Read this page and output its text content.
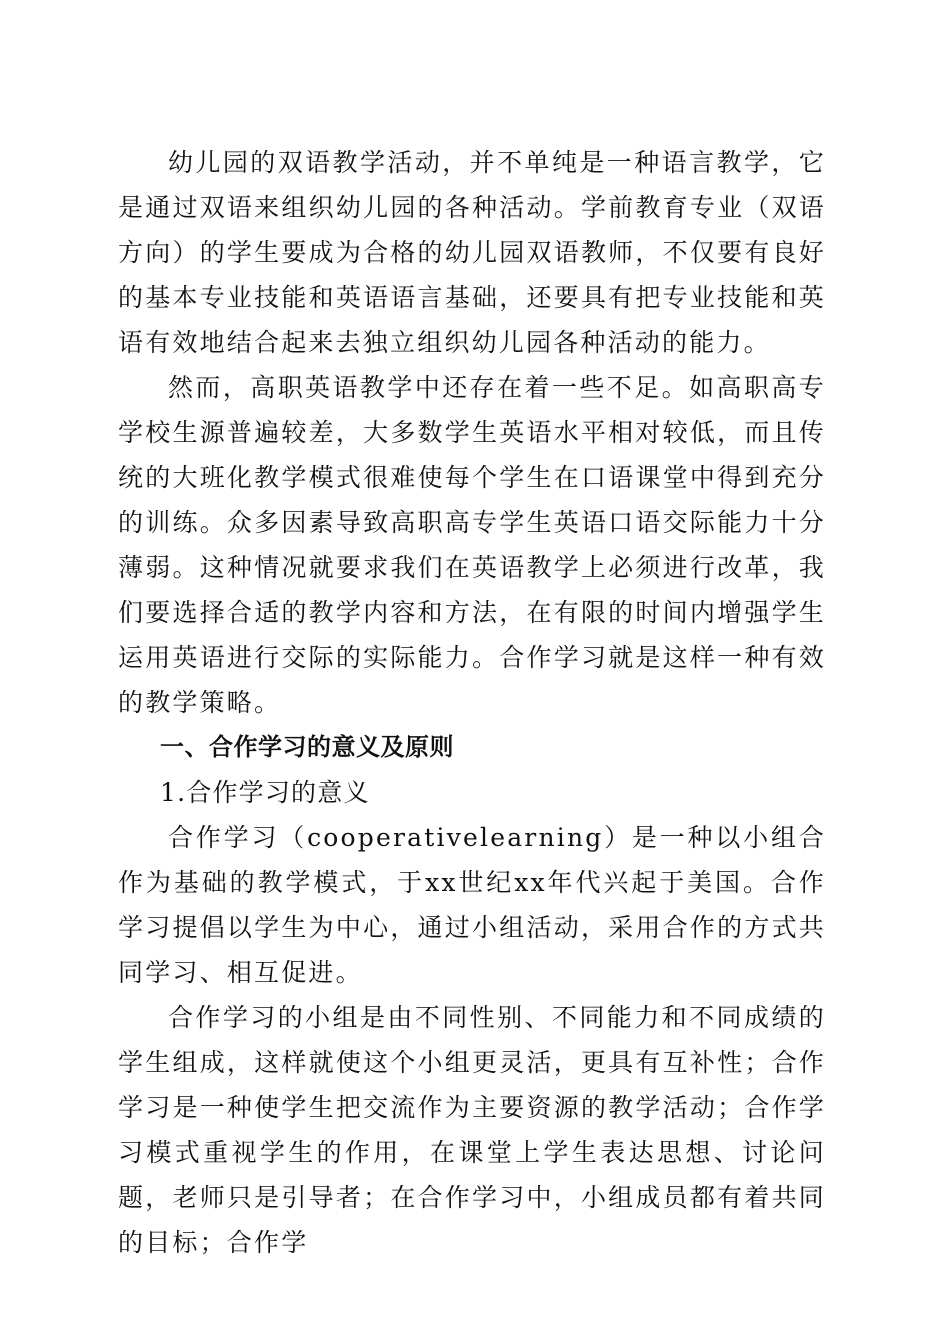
幼儿园的双语教学活动，并不单纯是一种语言教学，它是通过双语来组织幼儿园的各种活动。学前教育专业（双语方向）的学生要成为合格的幼儿园双语教师，不仅要有良好的基本专业技能和英语语言基础，还要具有把专业技能和英语有效地结合起来去独立组织幼儿园各种活动的能力。

然而，高职英语教学中还存在着一些不足。如高职高专学校生源普遍较差，大多数学生英语水平相对较低，而且传统的大班化教学模式很难使每个学生在口语课堂中得到充分的训练。众多因素导致高职高专学生英语口语交际能力十分薄弱。这种情况就要求我们在英语教学上必须进行改革，我们要选择合适的教学内容和方法，在有限的时间内增强学生运用英语进行交际的实际能力。合作学习就是这样一种有效的教学策略。

一、合作学习的意义及原则

1.合作学习的意义

合作学习（cooperativelearning）是一种以小组合作为基础的教学模式，于xx世纪xx年代兴起于美国。合作学习提倡以学生为中心，通过小组活动，采用合作的方式共同学习、相互促进。

合作学习的小组是由不同性别、不同能力和不同成绩的学生组成，这样就使这个小组更灵活，更具有互补性；合作学习是一种使学生把交流作为主要资源的教学活动；合作学习模式重视学生的作用，在课堂上学生表达思想、讨论问题，老师只是引导者；在合作学习中，小组成员都有着共同的目标；合作学
